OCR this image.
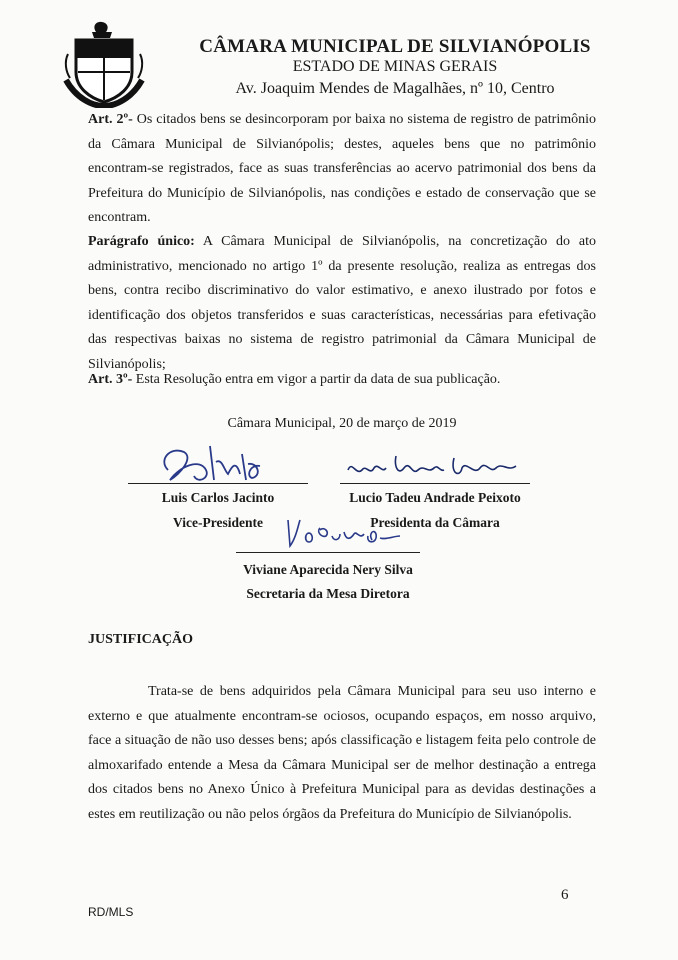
CÂMARA MUNICIPAL DE SILVIANÓPOLIS
ESTADO DE MINAS GERAIS
Av. Joaquim Mendes de Magalhães, nº 10, Centro
Art. 2º- Os citados bens se desincorporam por baixa no sistema de registro de patrimônio da Câmara Municipal de Silvianópolis; destes, aqueles bens que no patrimônio encontram-se registrados, face as suas transferências ao acervo patrimonial dos bens da Prefeitura do Município de Silvianópolis, nas condições e estado de conservação que se encontram.
Parágrafo único: A Câmara Municipal de Silvianópolis, na concretização do ato administrativo, mencionado no artigo 1º da presente resolução, realiza as entregas dos bens, contra recibo discriminativo do valor estimativo, e anexo ilustrado por fotos e identificação dos objetos transferidos e suas características, necessárias para efetivação das respectivas baixas no sistema de registro patrimonial da Câmara Municipal de Silvianópolis;
Art. 3º- Esta Resolução entra em vigor a partir da data de sua publicação.
Câmara Municipal, 20 de março de 2019
Luis Carlos Jacinto
Vice-Presidente
Lucio Tadeu Andrade Peixoto
Presidenta da Câmara
Viviane Aparecida Nery Silva
Secretaria da Mesa Diretora
JUSTIFICAÇÃO
Trata-se de bens adquiridos pela Câmara Municipal para seu uso interno e externo e que atualmente encontram-se ociosos, ocupando espaços, em nosso arquivo, face a situação de não uso desses bens; após classificação e listagem feita pelo controle de almoxarifado entende a Mesa da Câmara Municipal ser de melhor destinação a entrega dos citados bens no Anexo Único à Prefeitura Municipal para as devidas destinações a estes em reutilização ou não pelos órgãos da Prefeitura do Município de Silvianópolis.
RD/MLS
6
